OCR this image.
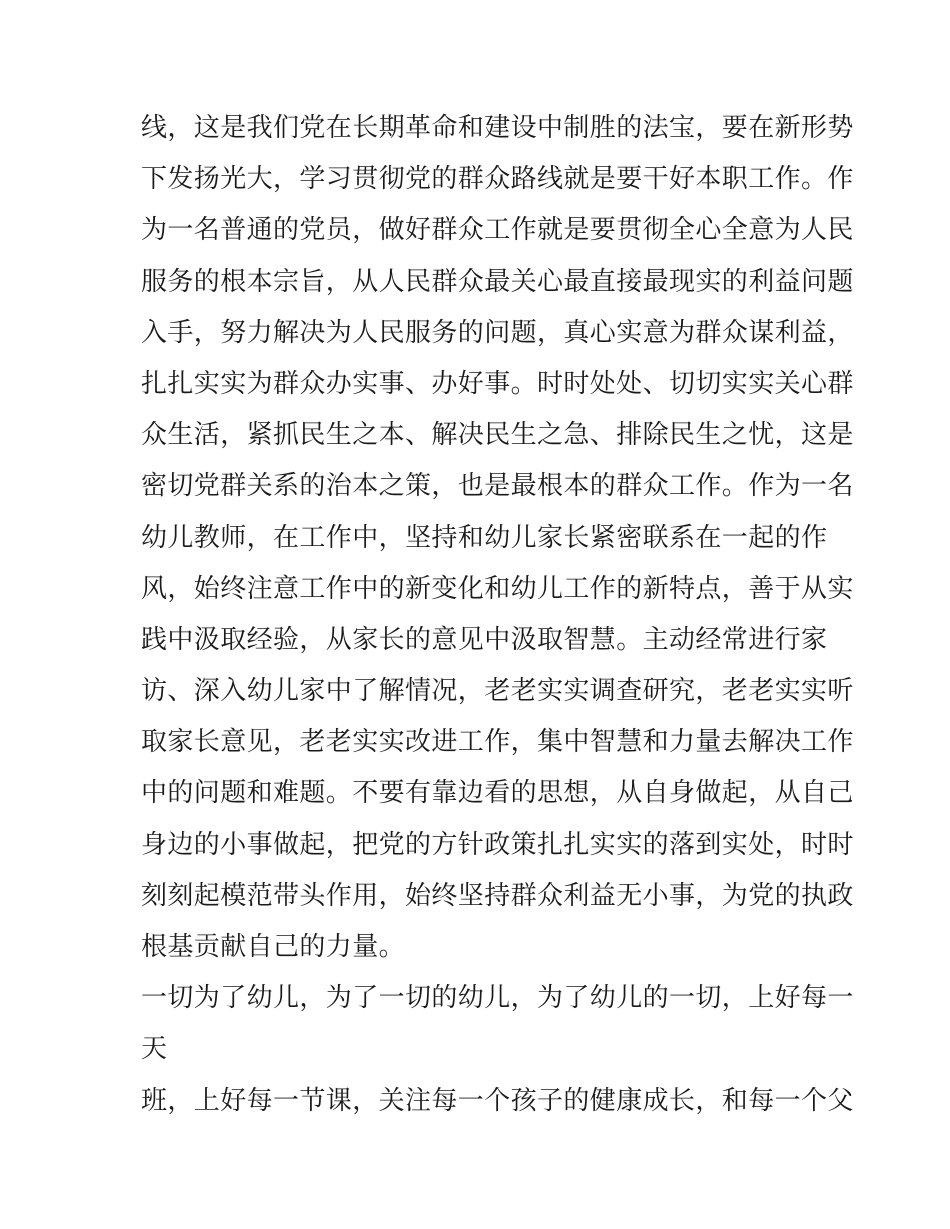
线，这是我们党在长期革命和建设中制胜的法宝，要在新形势
下发扬光大，学习贯彻党的群众路线就是要干好本职工作。作
为一名普通的党员，做好群众工作就是要贯彻全心全意为人民
服务的根本宗旨，从人民群众最关心最直接最现实的利益问题
入手，努力解决为人民服务的问题，真心实意为群众谋利益，
扎扎实实为群众办实事、办好事。时时处处、切切实实关心群
众生活，紧抓民生之本、解决民生之急、排除民生之忧，这是
密切党群关系的治本之策，也是最根本的群众工作。作为一名
幼儿教师，在工作中，坚持和幼儿家长紧密联系在一起的作
风，始终注意工作中的新变化和幼儿工作的新特点，善于从实
践中汲取经验，从家长的意见中汲取智慧。主动经常进行家
访、深入幼儿家中了解情况，老老实实调查研究，老老实实听
取家长意见，老老实实改进工作，集中智慧和力量去解决工作
中的问题和难题。不要有靠边看的思想，从自身做起，从自己
身边的小事做起，把党的方针政策扎扎实实的落到实处，时时
刻刻起模范带头作用，始终坚持群众利益无小事，为党的执政
根基贡献自己的力量。
一切为了幼儿，为了一切的幼儿，为了幼儿的一切，上好每一
天
班，上好每一节课，关注每一个孩子的健康成长，和每一个父
